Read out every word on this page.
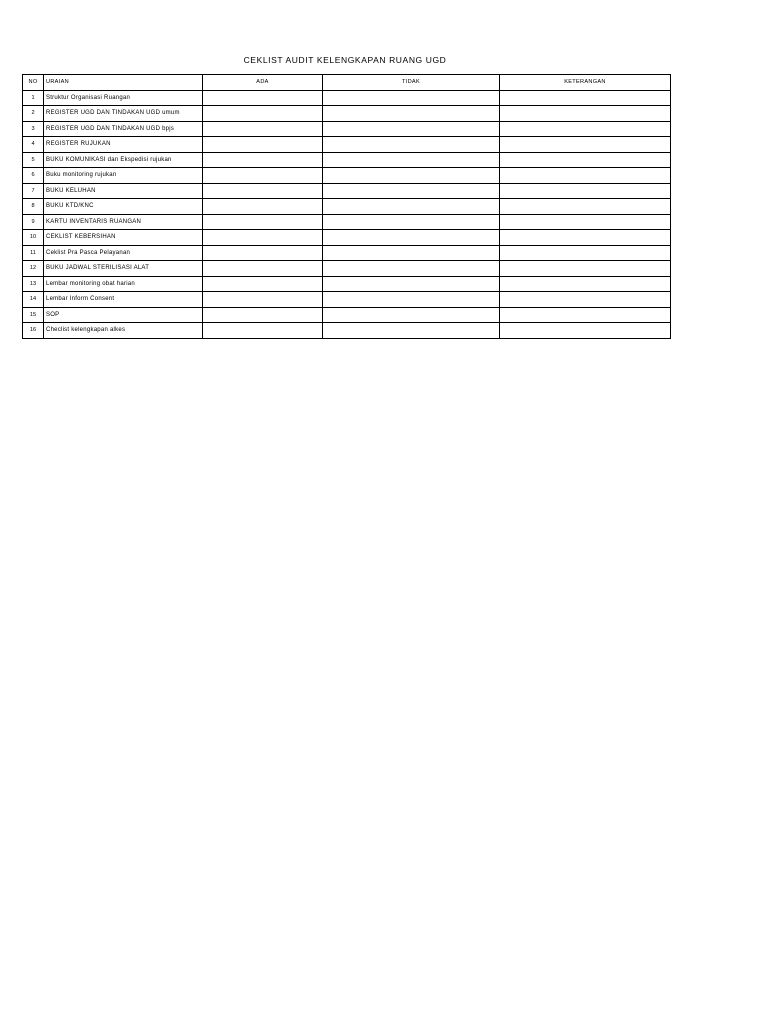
CEKLIST AUDIT KELENGKAPAN RUANG UGD
NO	URAIAN	ADA	TIDAK	KETERANGAN
1	Struktur Organisasi Ruangan			
2	REGISTER UGD DAN TINDAKAN UGD umum			
3	REGISTER UGD DAN TINDAKAN UGD bpjs			
4	REGISTER RUJUKAN			
5	BUKU KOMUNIKASI dan Ekspedisi rujukan			
6	Buku monitoring rujukan			
7	BUKU KELUHAN			
8	BUKU KTD/KNC			
9	KARTU INVENTARIS RUANGAN			
10	CEKLIST KEBERSIHAN			
11	Ceklist Pra Pasca Pelayanan			
12	BUKU JADWAL STERILISASI ALAT			
13	Lembar monitoring obat harian			
14	Lembar Inform Consent			
15	SOP			
16	Checlist kelengkapan alkes			
